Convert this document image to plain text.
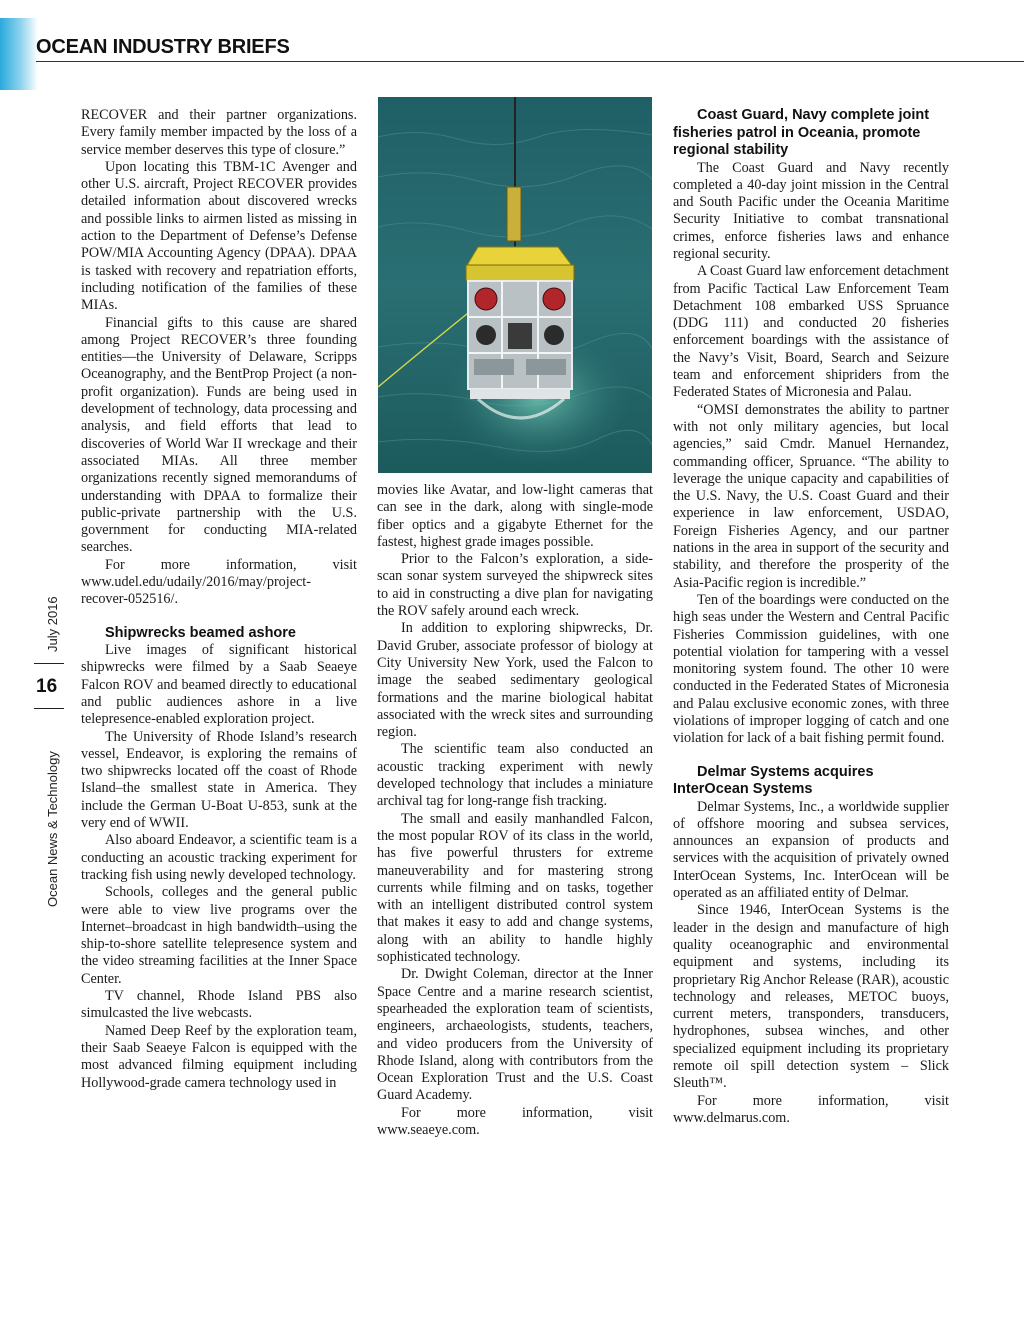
OCEAN INDUSTRY BRIEFS
July 2016
16
Ocean News & Technology

RECOVER and their partner organizations. Every family member impacted by the loss of a service member deserves this type of closure.”

Upon locating this TBM-1C Avenger and other U.S. aircraft, Project RECOVER provides detailed information about discovered wrecks and possible links to airmen listed as missing in action to the Department of Defense’s Defense POW/MIA Accounting Agency (DPAA). DPAA is tasked with recovery and repatriation efforts, including notification of the families of these MIAs.

Financial gifts to this cause are shared among Project RECOVER’s three founding entities—the University of Delaware, Scripps Oceanography, and the BentProp Project (a non-profit organization). Funds are being used in development of technology, data processing and analysis, and field efforts that lead to discoveries of World War II wreckage and their associated MIAs. All three member organizations recently signed memorandums of understanding with DPAA to formalize their public-private partnership with the U.S. government for conducting MIA-related searches.

For more information, visit www.udel.edu/udaily/2016/may/project-recover-052516/.

Shipwrecks beamed ashore

Live images of significant historical shipwrecks were filmed by a Saab Seaeye Falcon ROV and beamed directly to educational and public audiences ashore in a live telepresence-enabled exploration project.

The University of Rhode Island’s research vessel, Endeavor, is exploring the remains of two shipwrecks located off the coast of Rhode Island–the smallest state in America. They include the German U-Boat U-853, sunk at the very end of WWII.

Also aboard Endeavor, a scientific team is a conducting an acoustic tracking experiment for tracking fish using newly developed technology.

Schools, colleges and the general public were able to view live programs over the Internet–broadcast in high bandwidth–using the ship-to-shore satellite telepresence system and the video streaming facilities at the Inner Space Center.

TV channel, Rhode Island PBS also simulcasted the live webcasts.

Named Deep Reef by the exploration team, their Saab Seaeye Falcon is equipped with the most advanced filming equipment including Hollywood-grade camera technology used in

movies like Avatar, and low-light cameras that can see in the dark, along with single-mode fiber optics and a gigabyte Ethernet for the fastest, highest grade images possible.

Prior to the Falcon’s exploration, a side-scan sonar system surveyed the shipwreck sites to aid in constructing a dive plan for navigating the ROV safely around each wreck.

In addition to exploring shipwrecks, Dr. David Gruber, associate professor of biology at City University New York, used the Falcon to image the seabed sedimentary geological formations and the marine biological habitat associated with the wreck sites and surrounding region.

The scientific team also conducted an acoustic tracking experiment with newly developed technology that includes a miniature archival tag for long-range fish tracking.

The small and easily manhandled Falcon, the most popular ROV of its class in the world, has five powerful thrusters for extreme maneuverability and for mastering strong currents while filming and on tasks, together with an intelligent distributed control system that makes it easy to add and change systems, along with an ability to handle highly sophisticated technology.

Dr. Dwight Coleman, director at the Inner Space Centre and a marine research scientist, spearheaded the exploration team of scientists, engineers, archaeologists, students, teachers, and video producers from the University of Rhode Island, along with contributors from the Ocean Exploration Trust and the U.S. Coast Guard Academy.

For more information, visit www.seaeye.com.

Coast Guard, Navy complete joint fisheries patrol in Oceania, promote regional stability

The Coast Guard and Navy recently completed a 40-day joint mission in the Central and South Pacific under the Oceania Maritime Security Initiative to combat transnational crimes, enforce fisheries laws and enhance regional security.

A Coast Guard law enforcement detachment from Pacific Tactical Law Enforcement Team Detachment 108 embarked USS Spruance (DDG 111) and conducted 20 fisheries enforcement boardings with the assistance of the Navy’s Visit, Board, Search and Seizure team and enforcement shipriders from the Federated States of Micronesia and Palau.

“OMSI demonstrates the ability to partner with not only military agencies, but local agencies,” said Cmdr. Manuel Hernandez, commanding officer, Spruance. “The ability to leverage the unique capacity and capabilities of the U.S. Navy, the U.S. Coast Guard and their experience in law enforcement, USDAO, Foreign Fisheries Agency, and our partner nations in the area in support of the security and stability, and therefore the prosperity of the Asia-Pacific region is incredible.”

Ten of the boardings were conducted on the high seas under the Western and Central Pacific Fisheries Commission guidelines, with one potential violation for tampering with a vessel monitoring system found. The other 10 were conducted in the Federated States of Micronesia and Palau exclusive economic zones, with three violations of improper logging of catch and one violation for lack of a bait fishing permit found.

Delmar Systems acquires InterOcean Systems

Delmar Systems, Inc., a worldwide supplier of offshore mooring and subsea services, announces an expansion of products and services with the acquisition of privately owned InterOcean Systems, Inc. InterOcean will be operated as an affiliated entity of Delmar.

Since 1946, InterOcean Systems is the leader in the design and manufacture of high quality oceanographic and environmental equipment and systems, including its proprietary Rig Anchor Release (RAR), acoustic technology and releases, METOC buoys, current meters, transponders, transducers, hydrophones, subsea winches, and other specialized equipment including its proprietary remote oil spill detection system – Slick Sleuth™.

For more information, visit www.delmarus.com.
